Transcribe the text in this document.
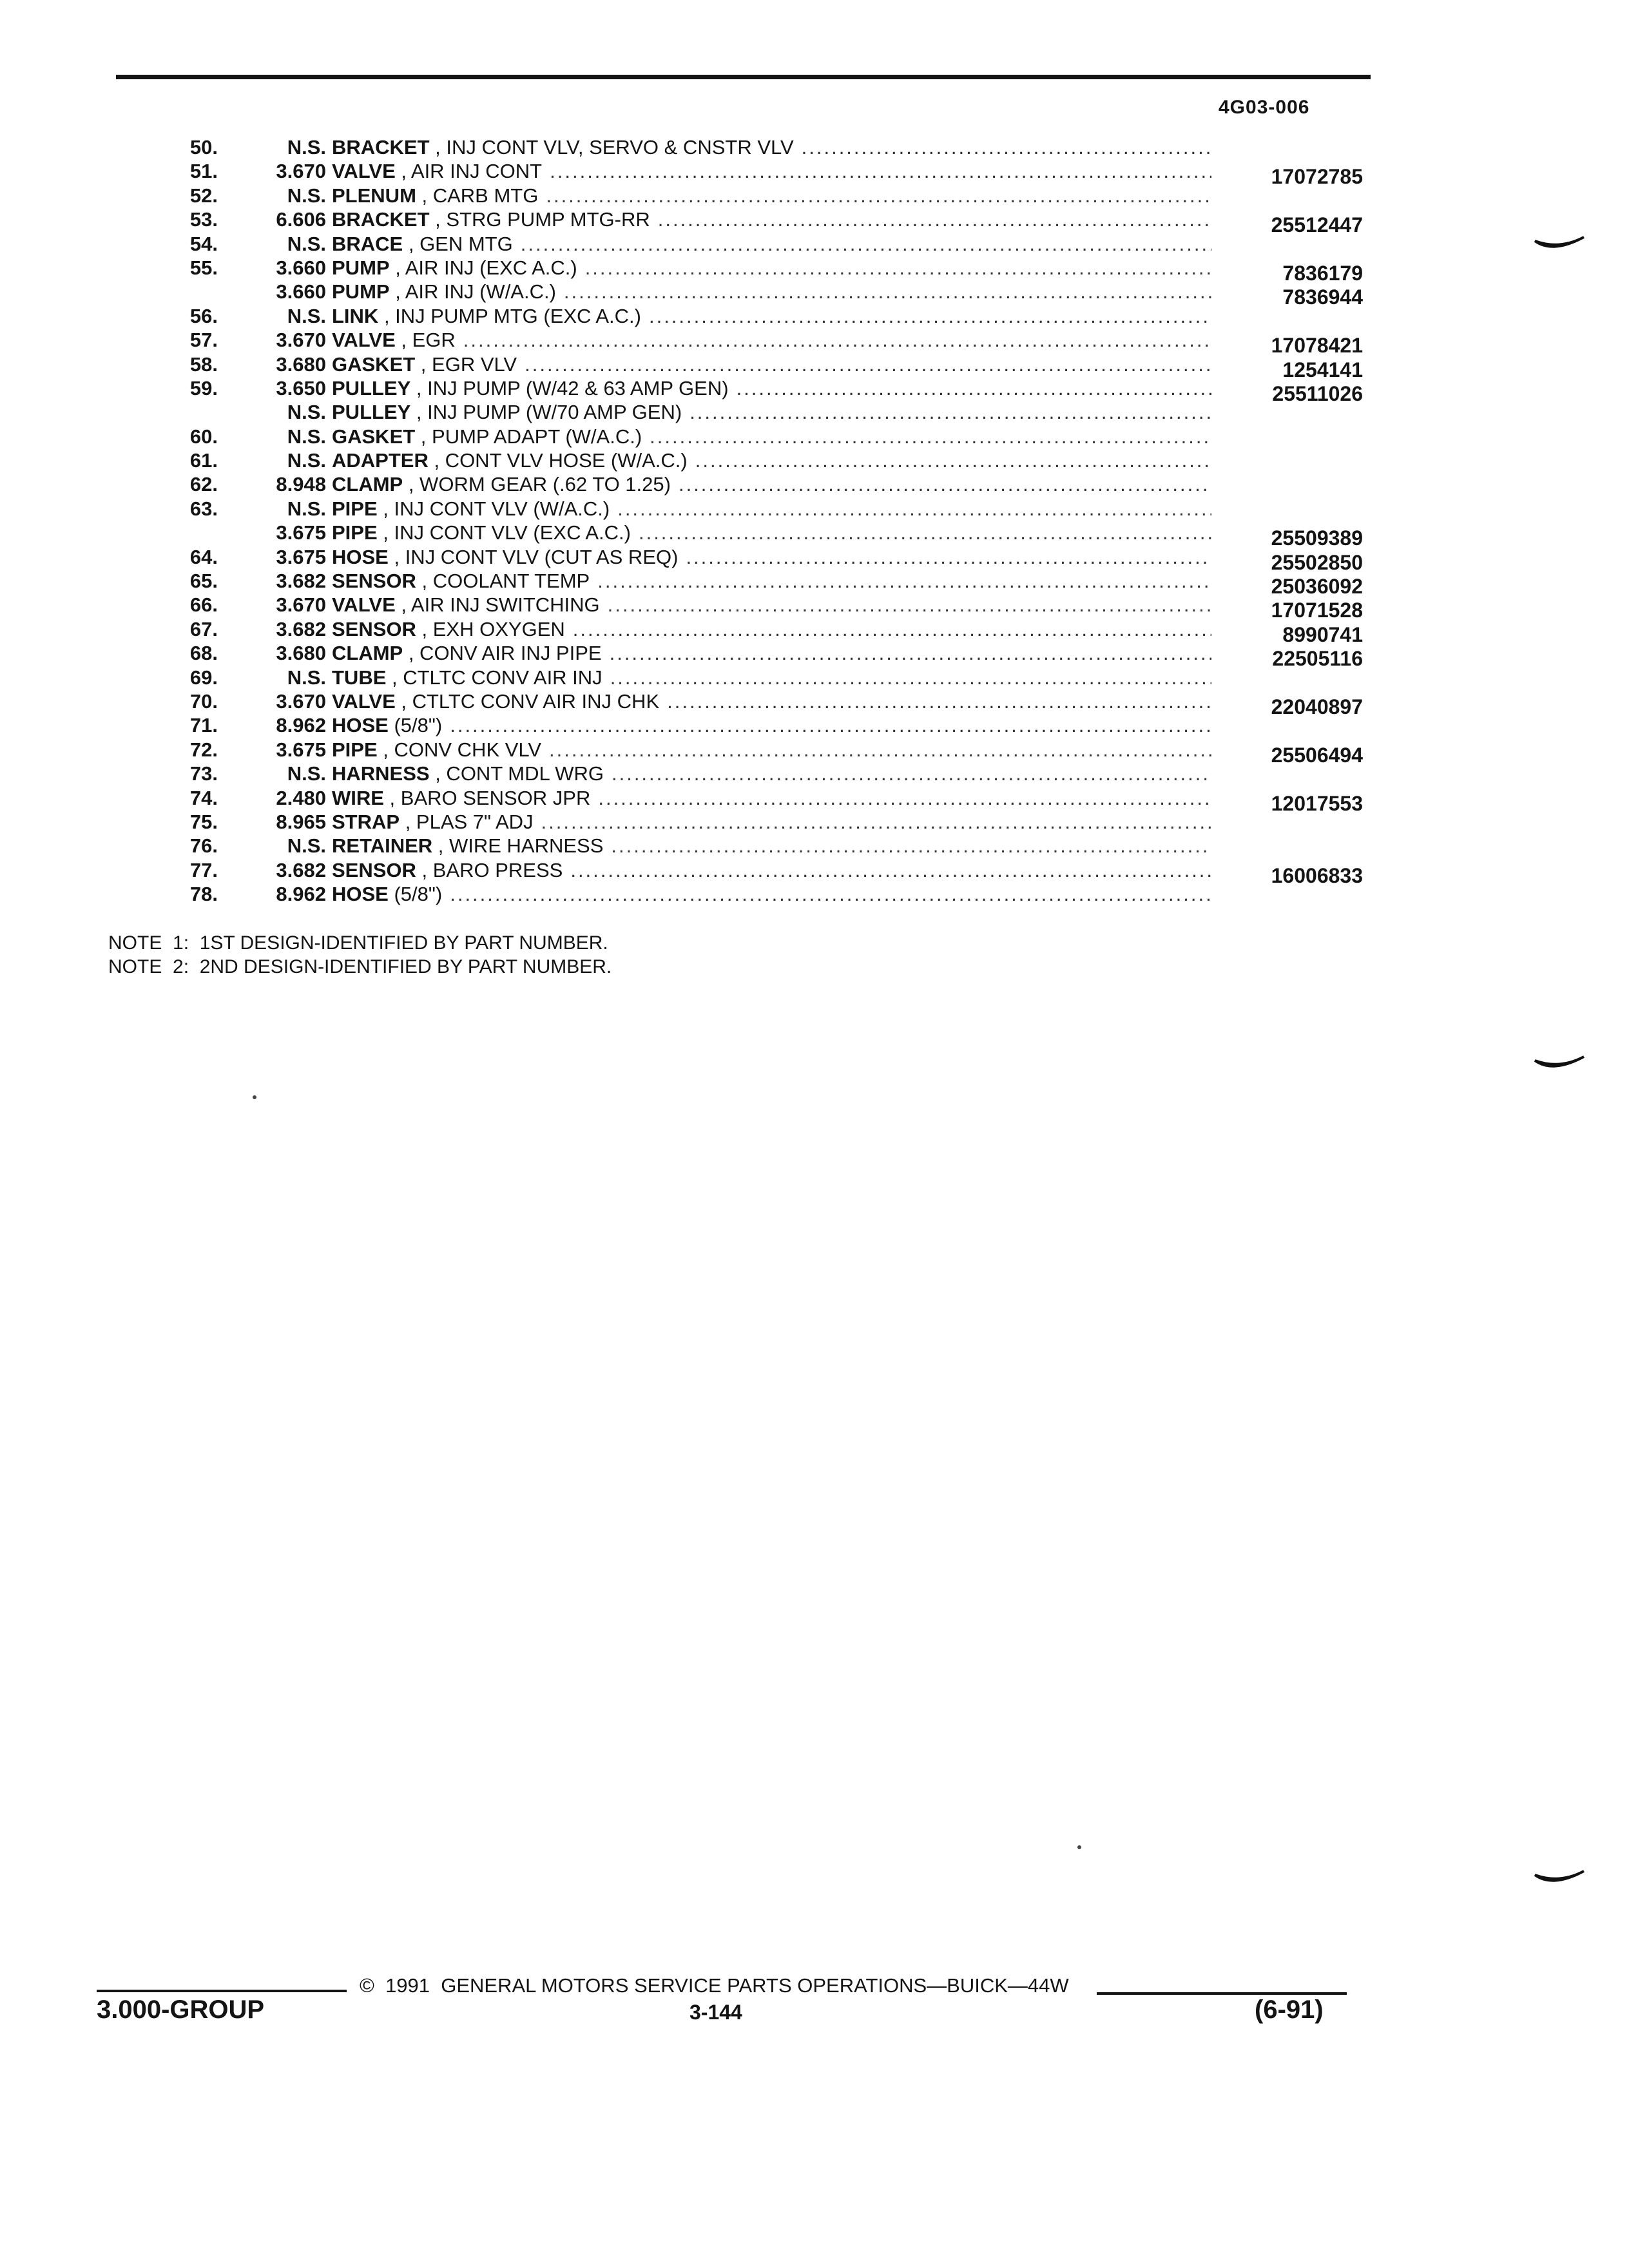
4G03-006
50.	N.S. BRACKET , INJ CONT VLV, SERVO & CNSTR VLV
.....
51.	3.670 VALVE , AIR INJ CONT .....	17072785
52.	N.S. PLENUM , CARB MTG
.....
53.	6.606 BRACKET , STRG PUMP MTG-RR .....	25512447
54.	N.S. BRACE , GEN MTG
.....
55.	3.660 PUMP , AIR INJ (EXC A.C.) .....	7836179
3.660 PUMP , AIR INJ (W/A.C.) .....	7836944
56.	N.S. LINK , INJ PUMP MTG (EXC A.C.)
.....
57.	3.670 VALVE , EGR .....	17078421
58.	3.680 GASKET , EGR VLV .....	1254141
59.	3.650 PULLEY , INJ PUMP (W/42 & 63 AMP GEN) .....	25511026
N.S. PULLEY , INJ PUMP (W/70 AMP GEN)
.....
60.	N.S. GASKET , PUMP ADAPT (W/A.C.)
.....
61.	N.S. ADAPTER , CONT VLV HOSE (W/A.C.)
.....
62.	8.948 CLAMP , WORM GEAR (.62 TO 1.25)
.....
63.	N.S. PIPE , INJ CONT VLV (W/A.C.)
.....
3.675 PIPE , INJ CONT VLV (EXC A.C.) .....	25509389
64.	3.675 HOSE , INJ CONT VLV (CUT AS REQ) .....	25502850
65.	3.682 SENSOR , COOLANT TEMP .....	25036092
66.	3.670 VALVE , AIR INJ SWITCHING .....	17071528
67.	3.682 SENSOR , EXH OXYGEN .....	8990741
68.	3.680 CLAMP , CONV AIR INJ PIPE .....	22505116
69.	N.S. TUBE , CTLTC CONV AIR INJ
.....
70.	3.670 VALVE , CTLTC CONV AIR INJ CHK .....	22040897
71.	8.962 HOSE (5/8")
.....
72.	3.675 PIPE , CONV CHK VLV .....	25506494
73.	N.S. HARNESS , CONT MDL WRG
.....
74.	2.480 WIRE , BARO SENSOR JPR .....	12017553
75.	8.965 STRAP , PLAS 7" ADJ
.....
76.	N.S. RETAINER , WIRE HARNESS
.....
77.	3.682 SENSOR , BARO PRESS .....	16006833
78.	8.962 HOSE (5/8")
.....
NOTE  1:  1ST DESIGN-IDENTIFIED BY PART NUMBER.
NOTE  2:  2ND DESIGN-IDENTIFIED BY PART NUMBER.
3.000-GROUP
©  1991  GENERAL MOTORS SERVICE PARTS OPERATIONS—BUICK—44W
3-144	(6-91)
